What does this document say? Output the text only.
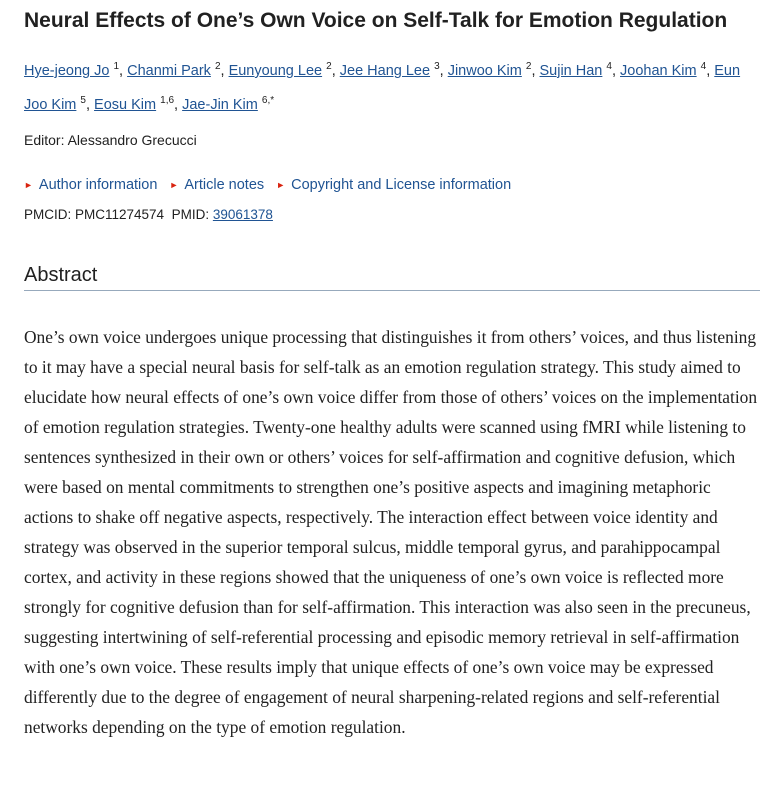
Neural Effects of One’s Own Voice on Self-Talk for Emotion Regulation
Hye-jeong Jo $^1$, Chanmi Park $^2$, Eunyoung Lee $^2$, Jee Hang Lee $^3$, Jinwoo Kim $^2$, Sujin Han $^4$, Joohan Kim $^4$, Eun Joo Kim $^5$, Eosu Kim $^{1,6}$, Jae-Jin Kim $^{6,*}$
Editor: Alessandro Grecucci
► Author information ► Article notes ► Copyright and License information
PMCID: PMC11274574 PMID: 39061378
Abstract

One’s own voice undergoes unique processing that distinguishes it from others’ voices, and thus listening to it may have a special neural basis for self-talk as an emotion regulation strategy. This study aimed to elucidate how neural effects of one’s own voice differ from those of others’ voices on the implementation of emotion regulation strategies. Twenty-one healthy adults were scanned using fMRI while listening to sentences synthesized in their own or others’ voices for self-affirmation and cognitive defusion, which were based on mental commitments to strengthen one’s positive aspects and imagining metaphoric actions to shake off negative aspects, respectively. The interaction effect between voice identity and strategy was observed in the superior temporal sulcus, middle temporal gyrus, and parahippocampal cortex, and activity in these regions showed that the uniqueness of one’s own voice is reflected more strongly for cognitive defusion than for self-affirmation. This interaction was also seen in the precuneus, suggesting intertwining of self-referential processing and episodic memory retrieval in self-affirmation with one’s own voice. These results imply that unique effects of one’s own voice may be expressed differently due to the degree of engagement of neural sharpening-related regions and self-referential networks depending on the type of emotion regulation.
